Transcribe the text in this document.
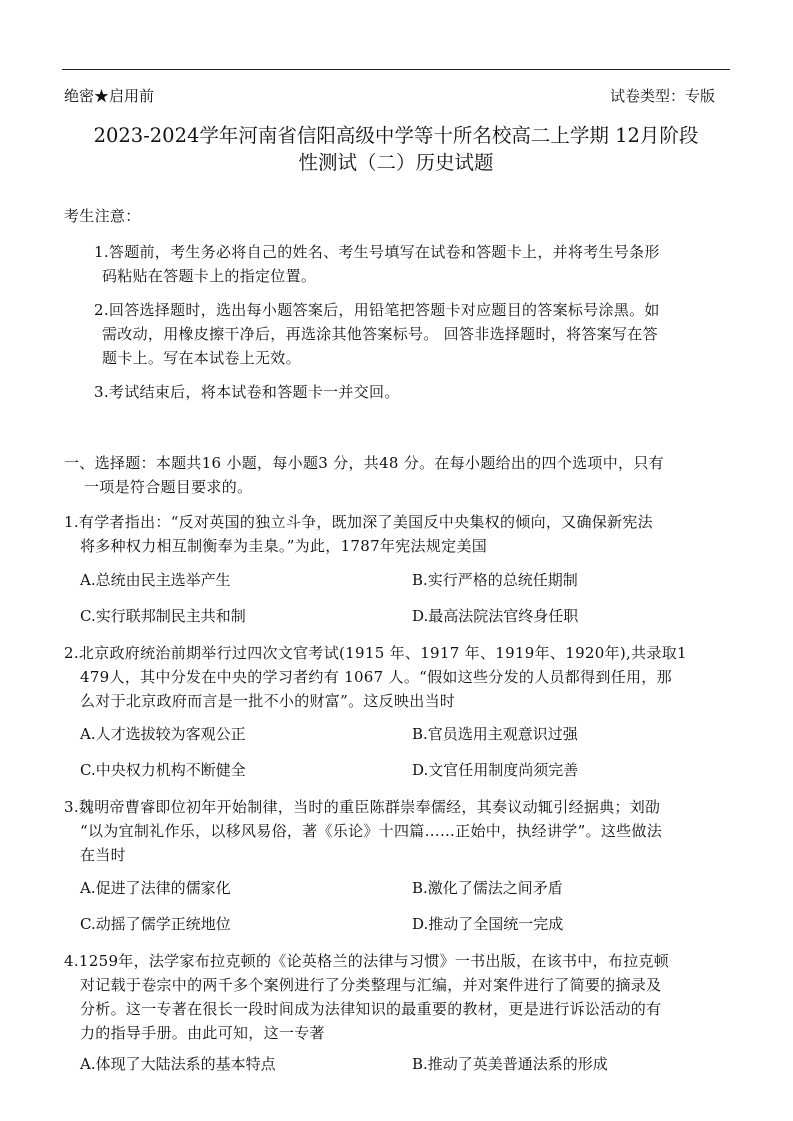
绝密★启用前	试卷类型：专版
2023-2024学年河南省信阳高级中学等十所名校高二上学期 12月阶段
性测试（二）历史试题
考生注意：
1.答题前，考生务必将自己的姓名、考生号填写在试卷和答题卡上，并将考生号条形
码粘贴在答题卡上的指定位置。
2.回答选择题时，选出每小题答案后，用铅笔把答题卡对应题目的答案标号涂黑。如
需改动，用橡皮擦干净后，再选涂其他答案标号。 回答非选择题时，将答案写在答
题卡上。写在本试卷上无效。
3.考试结束后，将本试卷和答题卡一并交回。
一、选择题：本题共16 小题，每小题3 分，共48 分。在每小题给出的四个选项中，只有
一项是符合题目要求的。
1.有学者指出：“反对英国的独立斗争，既加深了美国反中央集权的倾向，又确保新宪法
将多种权力相互制衡奉为圭臬。”为此，1787年宪法规定美国
A.总统由民主选举产生	B.实行严格的总统任期制
C.实行联邦制民主共和制	D.最高法院法官终身任职
2.北京政府统治前期举行过四次文官考试(1915 年、1917 年、1919年、1920年),共录取1
479人，其中分发在中央的学习者约有 1067 人。“假如这些分发的人员都得到任用，那
么对于北京政府而言是一批不小的财富”。这反映出当时
A.人才选拔较为客观公正	B.官员选用主观意识过强
C.中央权力机构不断健全	D.文官任用制度尚须完善
3.魏明帝曹睿即位初年开始制律，当时的重臣陈群崇奉儒经，其奏议动辄引经据典；刘劭
“以为宜制礼作乐，以移风易俗，著《乐论》十四篇……正始中，执经讲学”。这些做法
在当时
A.促进了法律的儒家化	B.激化了儒法之间矛盾
C.动摇了儒学正统地位	D.推动了全国统一完成
4.1259年，法学家布拉克顿的《论英格兰的法律与习惯》一书出版，在该书中，布拉克顿
对记载于卷宗中的两千多个案例进行了分类整理与汇编，并对案件进行了简要的摘录及
分析。这一专著在很长一段时间成为法律知识的最重要的教材，更是进行诉讼活动的有
力的指导手册。由此可知，这一专著
A.体现了大陆法系的基本特点	B.推动了英美普通法系的形成
